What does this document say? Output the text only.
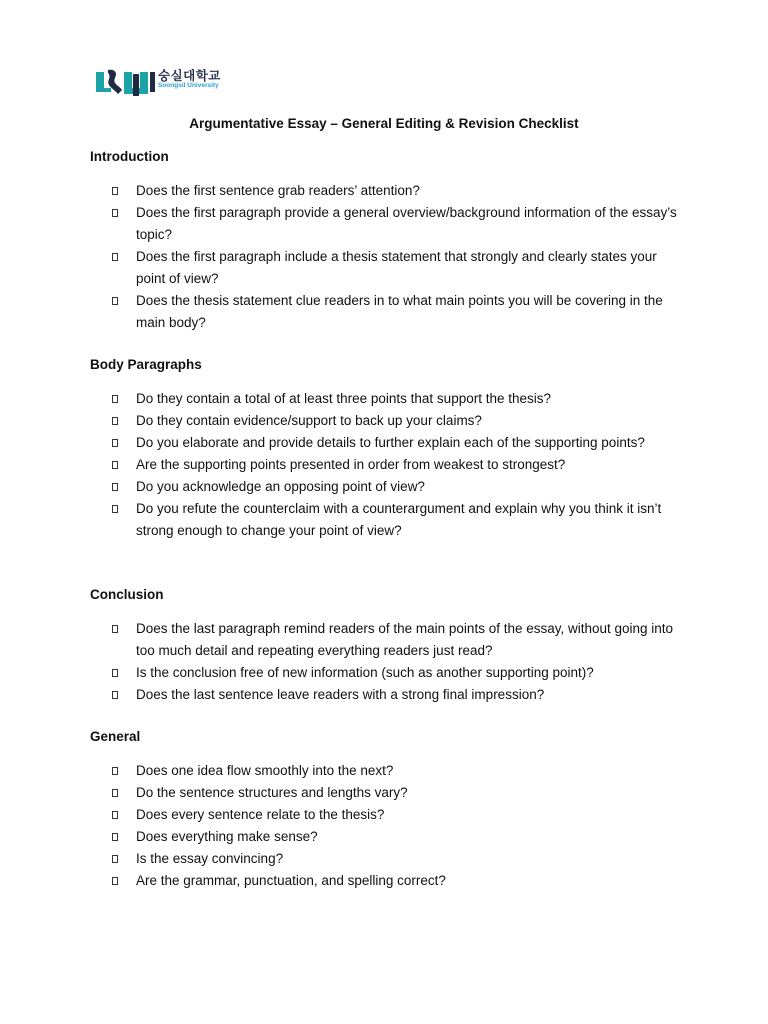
숭실대학교
Soongsil University
Argumentative Essay – General Editing & Revision Checklist
Introduction
Does the first sentence grab readers’ attention?
Does the first paragraph provide a general overview/background information of the essay’s topic?
Does the first paragraph include a thesis statement that strongly and clearly states your point of view?
Does the thesis statement clue readers in to what main points you will be covering in the main body?
Body Paragraphs
Do they contain a total of at least three points that support the thesis?
Do they contain evidence/support to back up your claims?
Do you elaborate and provide details to further explain each of the supporting points?
Are the supporting points presented in order from weakest to strongest?
Do you acknowledge an opposing point of view?
Do you refute the counterclaim with a counterargument and explain why you think it isn’t strong enough to change your point of view?
Conclusion
Does the last paragraph remind readers of the main points of the essay, without going into too much detail and repeating everything readers just read?
Is the conclusion free of new information (such as another supporting point)?
Does the last sentence leave readers with a strong final impression?
General
Does one idea flow smoothly into the next?
Do the sentence structures and lengths vary?
Does every sentence relate to the thesis?
Does everything make sense?
Is the essay convincing?
Are the grammar, punctuation, and spelling correct?
